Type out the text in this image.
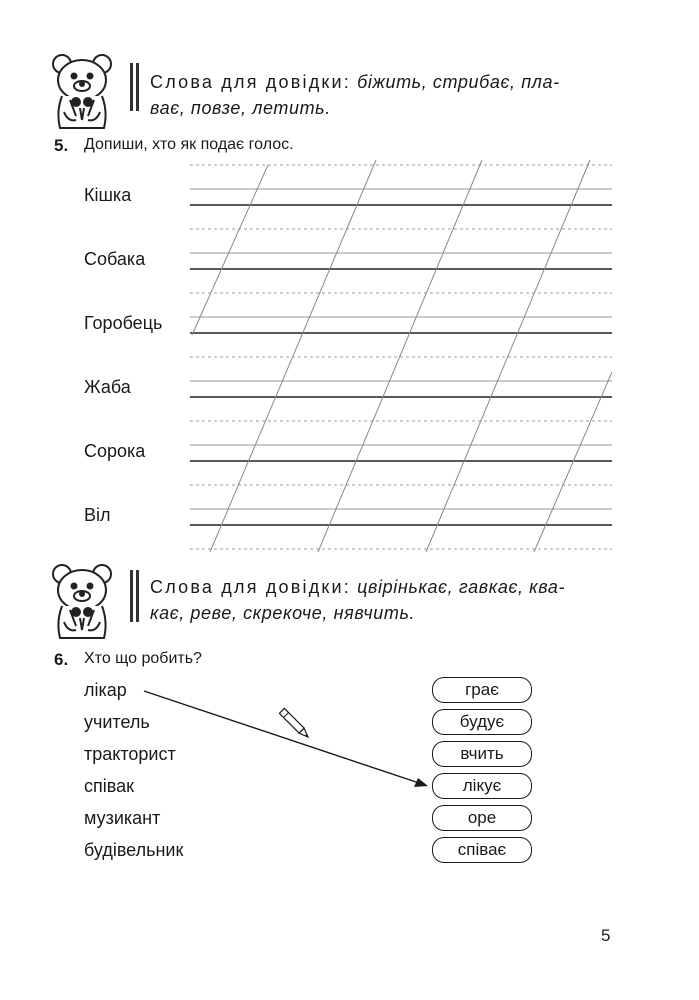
Слова для довідки: біжить, стрибає, пла-
ває, повзе, летить.
5. Допиши, хто як подає голос.
Кішка
Собака
Горобець
Жаба
Сорока
Віл
Слова для довідки: цвірінькає, гавкає, ква-
кає, реве, скрекоче, нявчить.
6. Хто що робить?
лікар
учитель
тракторист
співак
музикант
будівельник
грає
будує
вчить
лікує
оре
співає
5
